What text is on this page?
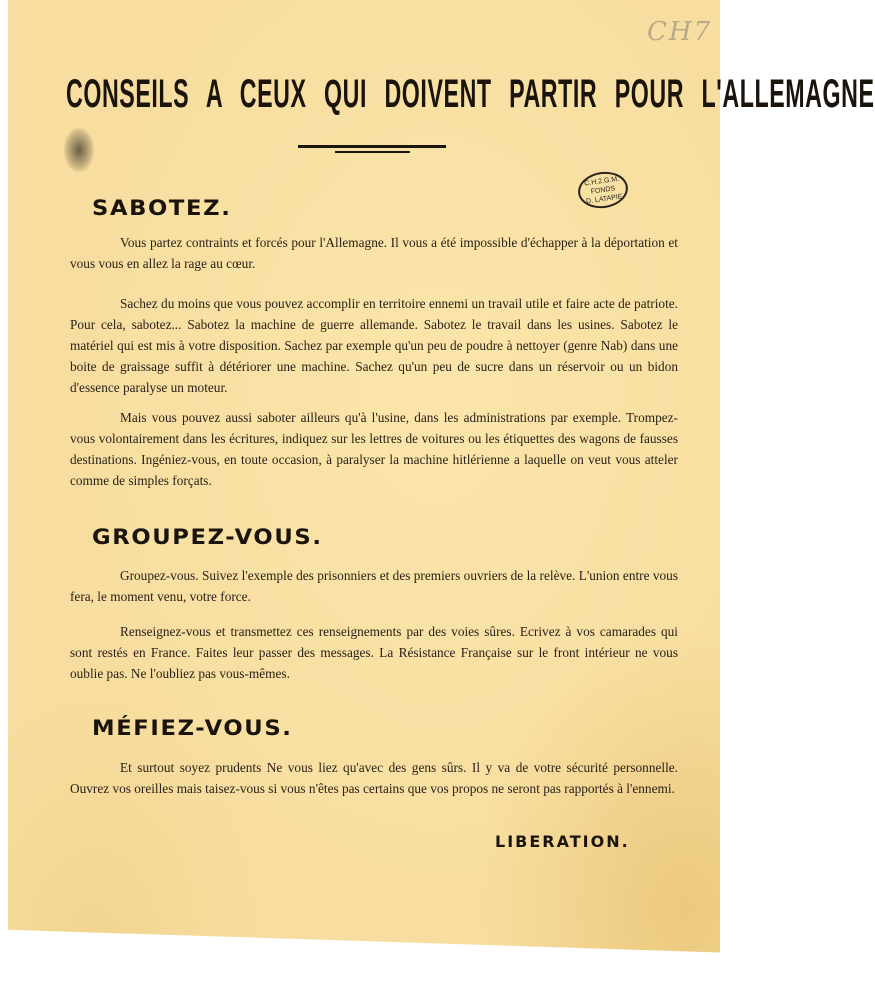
CH7
CONSEILS A CEUX QUI DOIVENT PARTIR POUR L'ALLEMAGNE
C.H.2.G.M.
FONDS
D. LATAPIE
SABOTEZ.

Vous partez contraints et forcés pour l'Allemagne. Il vous a été impossible d'échapper à la déportation et vous vous en allez la rage au cœur.

Sachez du moins que vous pouvez accomplir en territoire ennemi un travail utile et faire acte de patriote. Pour cela, sabotez... Sabotez la machine de guerre allemande. Sabotez le travail dans les usines. Sabotez le matériel qui est mis à votre disposition. Sachez par exemple qu'un peu de poudre à nettoyer (genre Nab) dans une boite de graissage suffit à détériorer une machine. Sachez qu'un peu de sucre dans un réservoir ou un bidon d'essence paralyse un moteur.

Mais vous pouvez aussi saboter ailleurs qu'à l'usine, dans les administrations par exemple. Trompez-vous volontairement dans les écritures, indiquez sur les lettres de voitures ou les étiquettes des wagons de fausses destinations. Ingéniez-vous, en toute occasion, à paralyser la machine hitlérienne a laquelle on veut vous atteler comme de simples forçats.

GROUPEZ-VOUS.

Groupez-vous. Suivez l'exemple des prisonniers et des premiers ouvriers de la relève. L'union entre vous fera, le moment venu, votre force.

Renseignez-vous et transmettez ces renseignements par des voies sûres. Ecrivez à vos camarades qui sont restés en France. Faites leur passer des messages. La Résistance Française sur le front intérieur ne vous oublie pas. Ne l'oubliez pas vous-mêmes.

MÉFIEZ-VOUS.

Et surtout soyez prudents Ne vous liez qu'avec des gens sûrs. Il y va de votre sécurité personnelle. Ouvrez vos oreilles mais taisez-vous si vous n'êtes pas certains que vos propos ne seront pas rapportés à l'ennemi.

LIBERATION.
